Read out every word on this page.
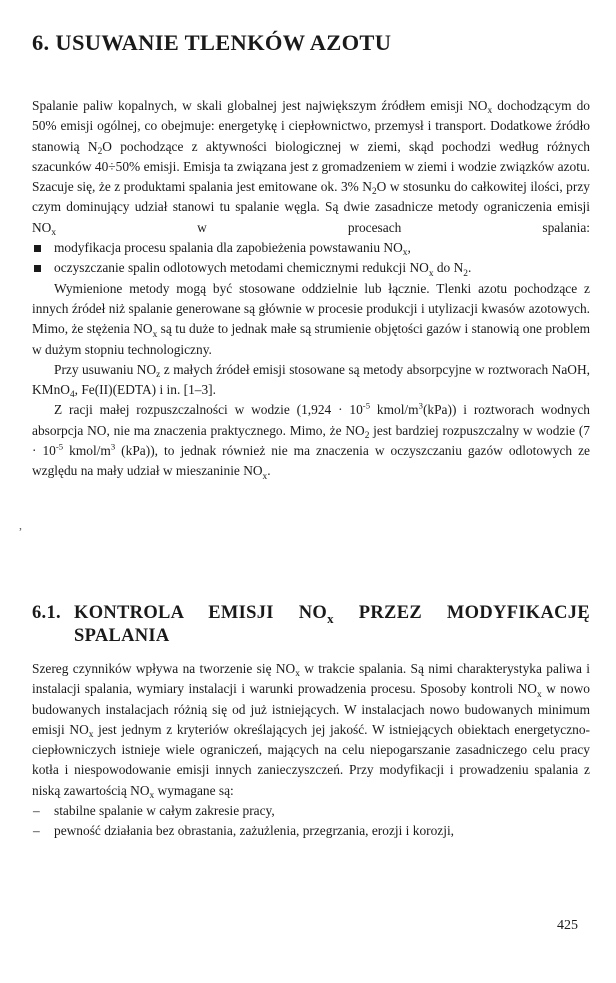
6. USUWANIE TLENKÓW AZOTU

Spalanie paliw kopalnych, w skali globalnej jest największym źródłem emisji $NO_x$ dochodzącym do 50% emisji ogólnej, co obejmuje: energetykę i ciepłownictwo, przemysł i transport. Dodatkowe źródło stanowią $N_2O$ pochodzące z aktywności biologicznej w ziemi, skąd pochodzi według różnych szacunków 40÷50% emisji. Emisja ta związana jest z gromadzeniem w ziemi i wodzie związków azotu. Szacuje się, że z produktami spalania jest emitowane ok. 3% $N_2O$ w stosunku do całkowitej ilości, przy czym dominujący udział stanowi tu spalanie węgla. Są dwie zasadnicze metody ograniczenia emisji $NO_x$ w procesach spalania:

modyfikacja procesu spalania dla zapobieżenia powstawaniu $NO_x$,
oczyszczanie spalin odlotowych metodami chemicznymi redukcji $NO_x$ do $N_2$.

Wymienione metody mogą być stosowane oddzielnie lub łącznie. Tlenki azotu pochodzące z innych źródeł niż spalanie generowane są głównie w procesie produkcji i utylizacji kwasów azotowych. Mimo, że stężenia $NO_x$ są tu duże to jednak małe są strumienie objętości gazów i stanowią one problem w dużym stopniu technologiczny.

Przy usuwaniu $NO_z$ z małych źródeł emisji stosowane są metody absorpcyjne w roztworach NaOH, KMnO$_4$, Fe(II)(EDTA) i in. [1–3].

Z racji małej rozpuszczalności w wodzie ($1,924 \cdot 10^{-5}$ kmol/$m^3(kPa)$) i roztworach wodnych absorpcja NO, nie ma znaczenia praktycznego. Mimo, że $NO_2$ jest bardziej rozpuszczalny w wodzie ($7 \cdot 10^{-5}$ kmol/$m^3$ (kPa)), to jednak również nie ma znaczenia w oczyszczaniu gazów odlotowych ze względu na mały udział w mieszaninie $NO_x$.

,
6.1. KONTROLA EMISJI $NO_x$ PRZEZ MODYFIKACJĘ
SPALANIA

Szereg czynników wpływa na tworzenie się $NO_x$ w trakcie spalania. Są nimi charakterystyka paliwa i instalacji spalania, wymiary instalacji i warunki prowadzenia procesu. Sposoby kontroli $NO_x$ w nowo budowanych instalacjach różnią się od już istniejących. W instalacjach nowo budowanych minimum emisji $NO_x$ jest jednym z kryteriów określających jej jakość. W istniejących obiektach energetyczno-ciepłowniczych istnieje wiele ograniczeń, mających na celu niepogarszanie zasadniczego celu pracy kotła i niespowodowanie emisji innych zanieczyszczeń. Przy modyfikacji i prowadzeniu spalania z niską zawartością $NO_x$ wymagane są:

– stabilne spalanie w całym zakresie pracy,
– pewność działania bez obrastania, zażużlenia, przegrzania, erozji i korozji,
425
